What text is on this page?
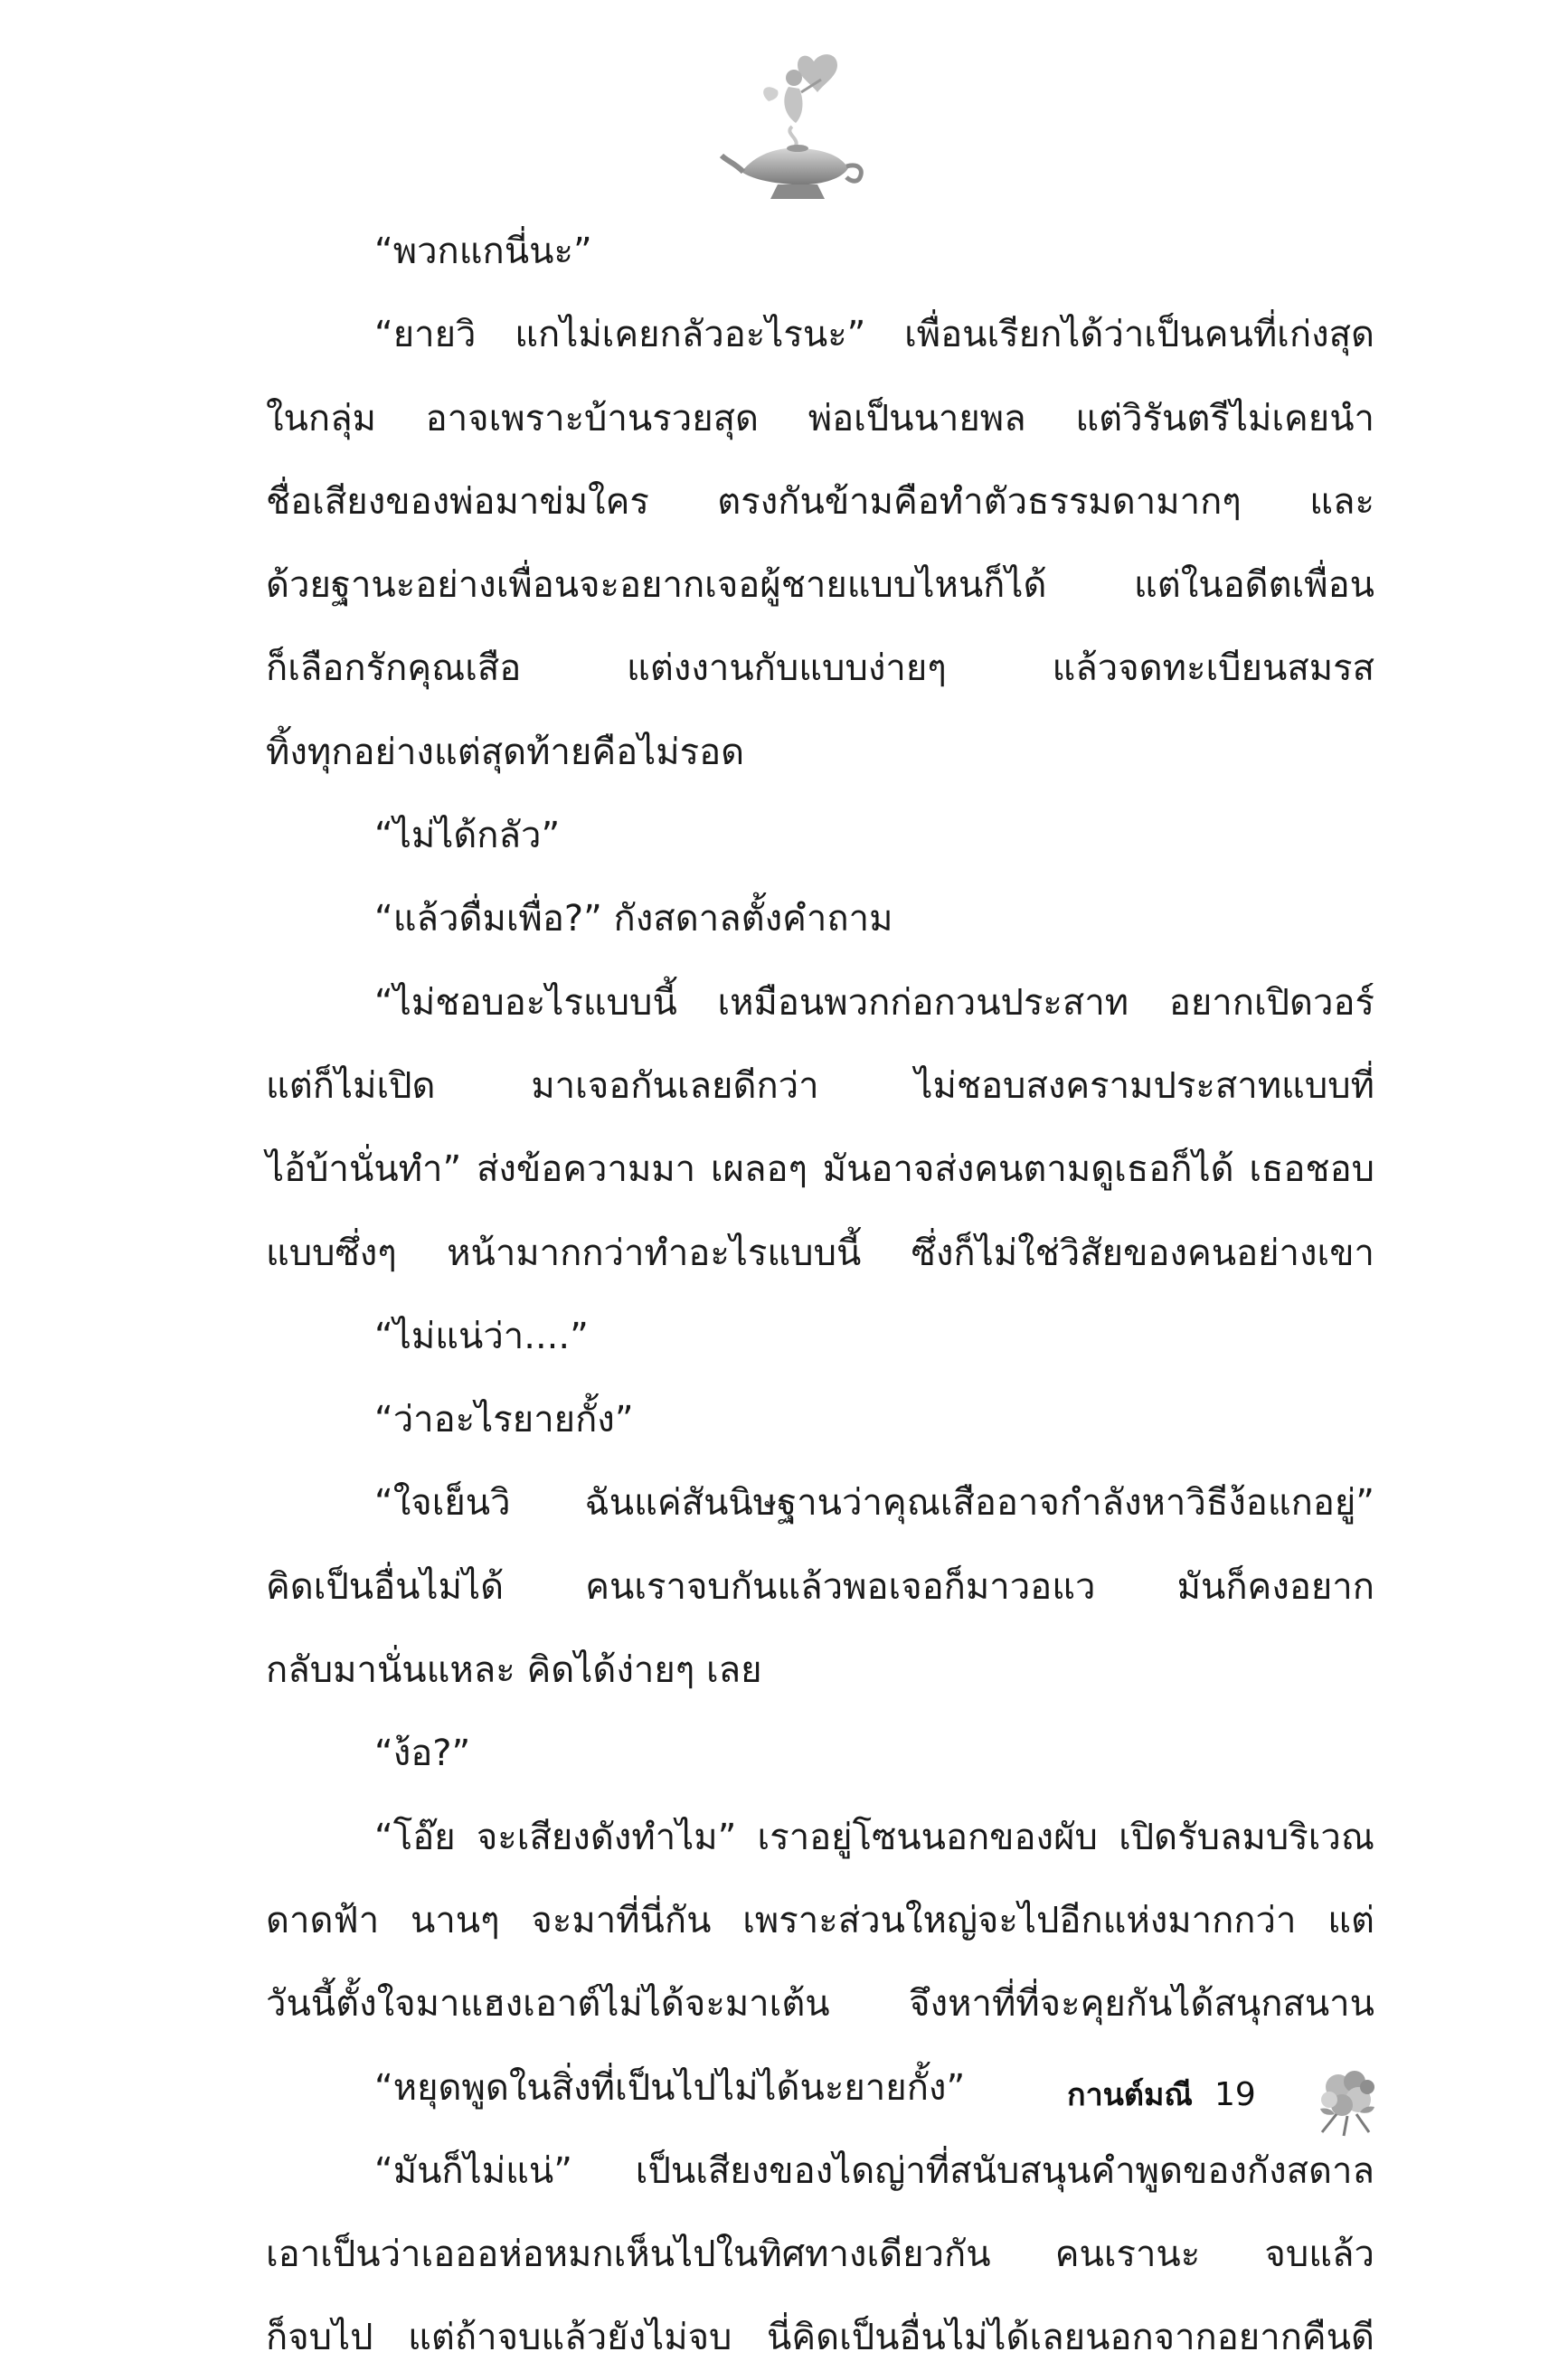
“พวกแกนี่นะ”
“ยายวิ แกไม่เคยกลัวอะไรนะ” เพื่อนเรียกได้ว่าเป็นคนที่เก่งสุด
ในกลุ่ม อาจเพราะบ้านรวยสุด พ่อเป็นนายพล แต่วิรันตรีไม่เคยนำ
ชื่อเสียงของพ่อมาข่มใคร ตรงกันข้ามคือทำตัวธรรมดามากๆ และ
ด้วยฐานะอย่างเพื่อนจะอยากเจอผู้ชายแบบไหนก็ได้ แต่ในอดีตเพื่อน
ก็เลือกรักคุณเสือ แต่งงานกับแบบง่ายๆ แล้วจดทะเบียนสมรส
ทิ้งทุกอย่างแต่สุดท้ายคือไม่รอด
“ไม่ได้กลัว”
“แล้วดื่มเพื่อ?” กังสดาลตั้งคำถาม
“ไม่ชอบอะไรแบบนี้ เหมือนพวกก่อกวนประสาท อยากเปิดวอร์
แต่ก็ไม่เปิด มาเจอกันเลยดีกว่า ไม่ชอบสงครามประสาทแบบที่
ไอ้บ้านั่นทำ” ส่งข้อความมา เผลอๆ มันอาจส่งคนตามดูเธอก็ได้ เธอชอบ
แบบซึ่งๆ หน้ามากกว่าทำอะไรแบบนี้ ซึ่งก็ไม่ใช่วิสัยของคนอย่างเขา
“ไม่แน่ว่า....”
“ว่าอะไรยายกั้ง”
“ใจเย็นวิ ฉันแค่สันนิษฐานว่าคุณเสืออาจกำลังหาวิธีง้อแกอยู่”
คิดเป็นอื่นไม่ได้ คนเราจบกันแล้วพอเจอก็มาวอแว มันก็คงอยาก
กลับมานั่นแหละ คิดได้ง่ายๆ เลย
“ง้อ?”
“โอ๊ย จะเสียงดังทำไม” เราอยู่โซนนอกของผับ เปิดรับลมบริเวณ
ดาดฟ้า นานๆ จะมาที่นี่กัน เพราะส่วนใหญ่จะไปอีกแห่งมากกว่า แต่
วันนี้ตั้งใจมาแฮงเอาต์ไม่ได้จะมาเต้น จึงหาที่ที่จะคุยกันได้สนุกสนาน
“หยุดพูดในสิ่งที่เป็นไปไม่ได้นะยายกั้ง”
“มันก็ไม่แน่” เป็นเสียงของไดญ่าที่สนับสนุนคำพูดของกังสดาล
เอาเป็นว่าเอออห่อหมกเห็นไปในทิศทางเดียวกัน คนเรานะ จบแล้ว
ก็จบไป แต่ถ้าจบแล้วยังไม่จบ นี่คิดเป็นอื่นไม่ได้เลยนอกจากอยากคืนดี
กานต์มณี 19
